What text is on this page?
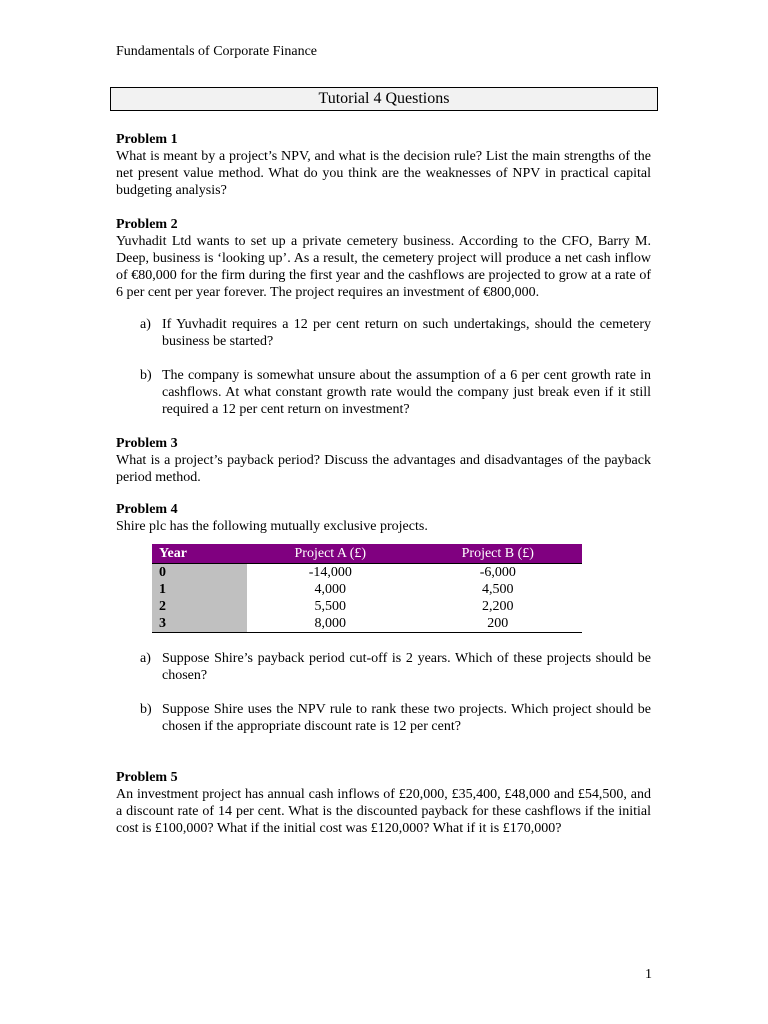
Fundamentals of Corporate Finance
Tutorial 4 Questions
Problem 1
What is meant by a project’s NPV, and what is the decision rule? List the main strengths of the net present value method. What do you think are the weaknesses of NPV in practical capital budgeting analysis?
Problem 2
Yuvhadit Ltd wants to set up a private cemetery business. According to the CFO, Barry M. Deep, business is ‘looking up’. As a result, the cemetery project will produce a net cash inflow of €80,000 for the firm during the first year and the cashflows are projected to grow at a rate of 6 per cent per year forever. The project requires an investment of €800,000.
a) If Yuvhadit requires a 12 per cent return on such undertakings, should the cemetery business be started?
b) The company is somewhat unsure about the assumption of a 6 per cent growth rate in cashflows. At what constant growth rate would the company just break even if it still required a 12 per cent return on investment?
Problem 3
What is a project’s payback period? Discuss the advantages and disadvantages of the payback period method.
Problem 4
Shire plc has the following mutually exclusive projects.
Year	Project A (£)	Project B (£)
0	-14,000	-6,000
1	4,000	4,500
2	5,500	2,200
3	8,000	200
a) Suppose Shire’s payback period cut-off is 2 years. Which of these projects should be chosen?
b) Suppose Shire uses the NPV rule to rank these two projects. Which project should be chosen if the appropriate discount rate is 12 per cent?
Problem 5
An investment project has annual cash inflows of £20,000, £35,400, £48,000 and £54,500, and a discount rate of 14 per cent. What is the discounted payback for these cashflows if the initial cost is £100,000? What if the initial cost was £120,000? What if it is £170,000?
1
